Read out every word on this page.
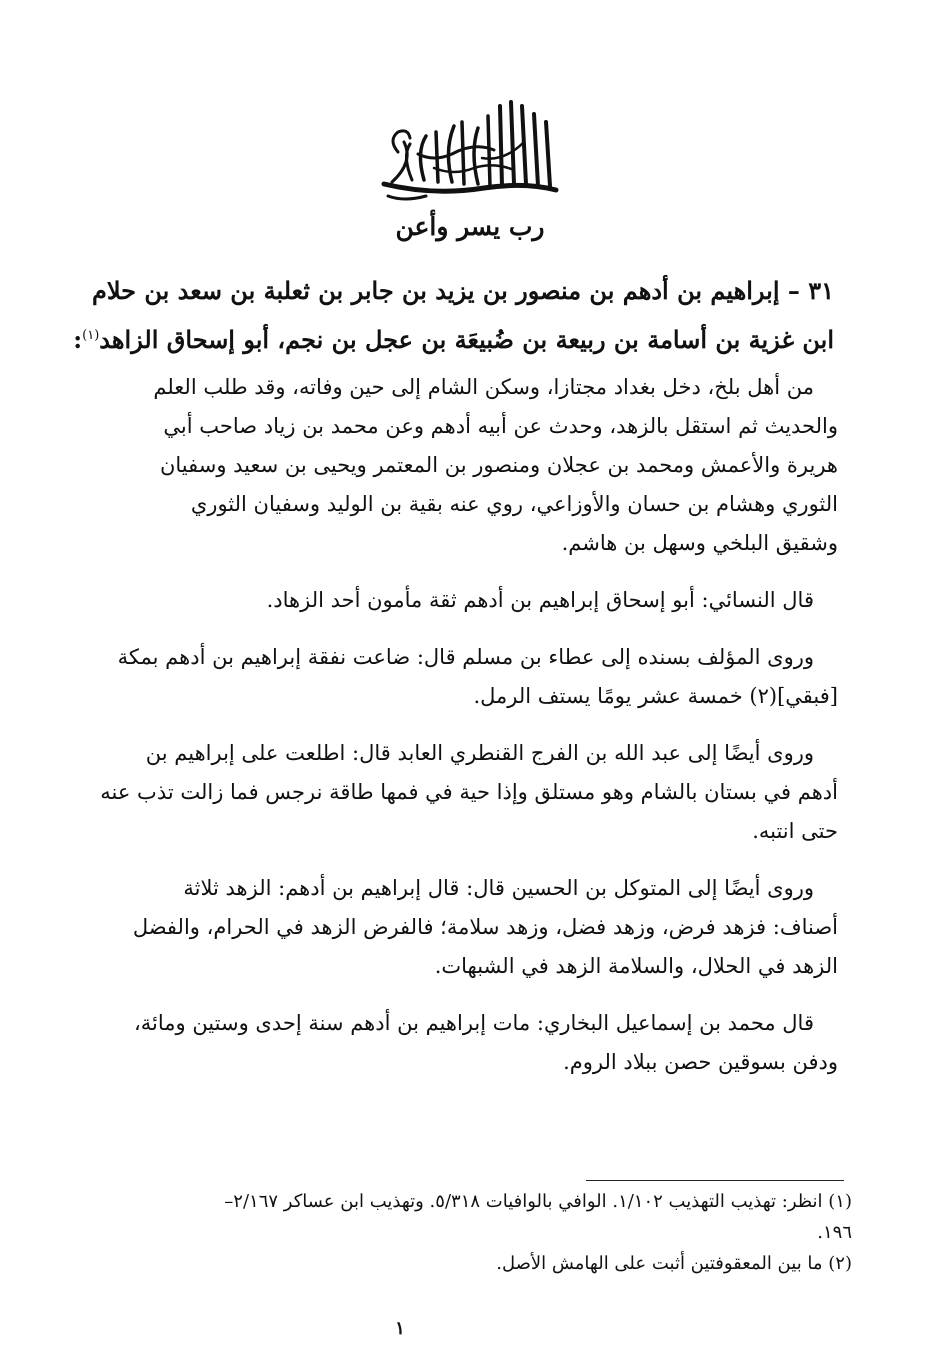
رب يسر وأعن
٣١ – إبراهيم بن أدهم بن منصور بن يزيد بن جابر بن ثعلبة بن سعد بن حلام
ابن غزية بن أسامة بن ربيعة بن ضُبيعَة بن عجل بن نجم، أبو إسحاق الزاهد$^{(١)}$:
من أهل بلخ، دخل بغداد مجتازا، وسكن الشام إلى حين وفاته، وقد طلب العلم
والحديث ثم استقل بالزهد، وحدث عن أبيه أدهم وعن محمد بن زياد صاحب أبي
هريرة والأعمش ومحمد بن عجلان ومنصور بن المعتمر ويحيى بن سعيد وسفيان
الثوري وهشام بن حسان والأوزاعي، روي عنه بقية بن الوليد وسفيان الثوري
وشقيق البلخي وسهل بن هاشم.
قال النسائي: أبو إسحاق إبراهيم بن أدهم ثقة مأمون أحد الزهاد.
وروى المؤلف بسنده إلى عطاء بن مسلم قال: ضاعت نفقة إبراهيم بن أدهم بمكة
[فبقي](٢) خمسة عشر يومًا يستف الرمل.
وروى أيضًا إلى عبد الله بن الفرج القنطري العابد قال: اطلعت على إبراهيم بن
أدهم في بستان بالشام وهو مستلق وإذا حية في فمها طاقة نرجس فما زالت تذب عنه
حتى انتبه.
وروى أيضًا إلى المتوكل بن الحسين قال: قال إبراهيم بن أدهم: الزهد ثلاثة
أصناف: فزهد فرض، وزهد فضل، وزهد سلامة؛ فالفرض الزهد في الحرام، والفضل
الزهد في الحلال، والسلامة الزهد في الشبهات.
قال محمد بن إسماعيل البخاري: مات إبراهيم بن أدهم سنة إحدى وستين ومائة،
ودفن بسوقين حصن ببلاد الروم.
(١) انظر: تهذيب التهذيب ١/١٠٢. الوافي بالوافيات ٥/٣١٨. وتهذيب ابن عساكر ٢/١٦٧–
١٩٦.
(٢) ما بين المعقوفتين أثبت على الهامش الأصل.
١
